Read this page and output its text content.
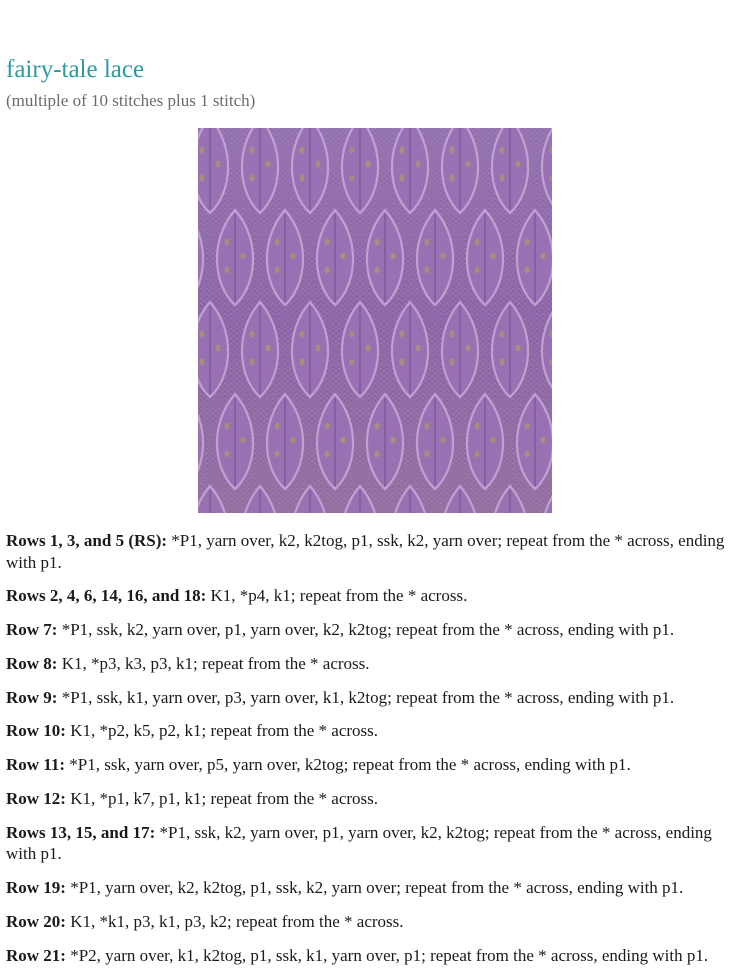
fairy-tale lace

(multiple of 10 stitches plus 1 stitch)

Rows 1, 3, and 5 (RS): *P1, yarn over, k2, k2tog, p1, ssk, k2, yarn over; repeat from the * across, ending with p1.

Rows 2, 4, 6, 14, 16, and 18: K1, *p4, k1; repeat from the * across.

Row 7: *P1, ssk, k2, yarn over, p1, yarn over, k2, k2tog; repeat from the * across, ending with p1.

Row 8: K1, *p3, k3, p3, k1; repeat from the * across.

Row 9: *P1, ssk, k1, yarn over, p3, yarn over, k1, k2tog; repeat from the * across, ending with p1.

Row 10: K1, *p2, k5, p2, k1; repeat from the * across.

Row 11: *P1, ssk, yarn over, p5, yarn over, k2tog; repeat from the * across, ending with p1.

Row 12: K1, *p1, k7, p1, k1; repeat from the * across.

Rows 13, 15, and 17: *P1, ssk, k2, yarn over, p1, yarn over, k2, k2tog; repeat from the * across, ending with p1.

Row 19: *P1, yarn over, k2, k2tog, p1, ssk, k2, yarn over; repeat from the * across, ending with p1.

Row 20: K1, *k1, p3, k1, p3, k2; repeat from the * across.

Row 21: *P2, yarn over, k1, k2tog, p1, ssk, k1, yarn over, p1; repeat from the * across, ending with p1.
